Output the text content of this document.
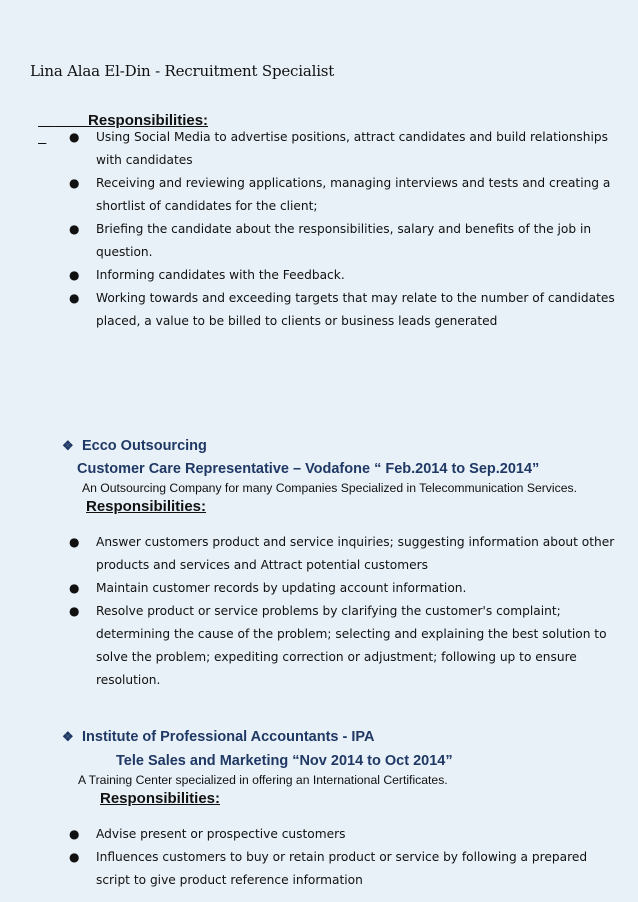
Lina Alaa El-Din - Recruitment Specialist

Responsibilities:

● Using Social Media to advertise positions, attract candidates and build relationships with candidates
● Receiving and reviewing applications, managing interviews and tests and creating a shortlist of candidates for the client;
● Briefing the candidate about the responsibilities, salary and benefits of the job in question.
● Informing candidates with the Feedback.
● Working towards and exceeding targets that may relate to the number of candidates placed, a value to be billed to clients or business leads generated
❖ Ecco Outsourcing
Customer Care Representative – Vodafone “ Feb.2014 to Sep.2014”
An Outsourcing Company for many Companies Specialized in Telecommunication Services.
Responsibilities:
● Answer customers product and service inquiries; suggesting information about other products and services and Attract potential customers
● Maintain customer records by updating account information.
● Resolve product or service problems by clarifying the customer's complaint; determining the cause of the problem; selecting and explaining the best solution to solve the problem; expediting correction or adjustment; following up to ensure resolution.
❖ Institute of Professional Accountants - IPA
Tele Sales and Marketing “Nov 2014 to Oct 2014”
A Training Center specialized in offering an International Certificates.
Responsibilities:
● Advise present or prospective customers
● Influences customers to buy or retain product or service by following a prepared script to give product reference information
